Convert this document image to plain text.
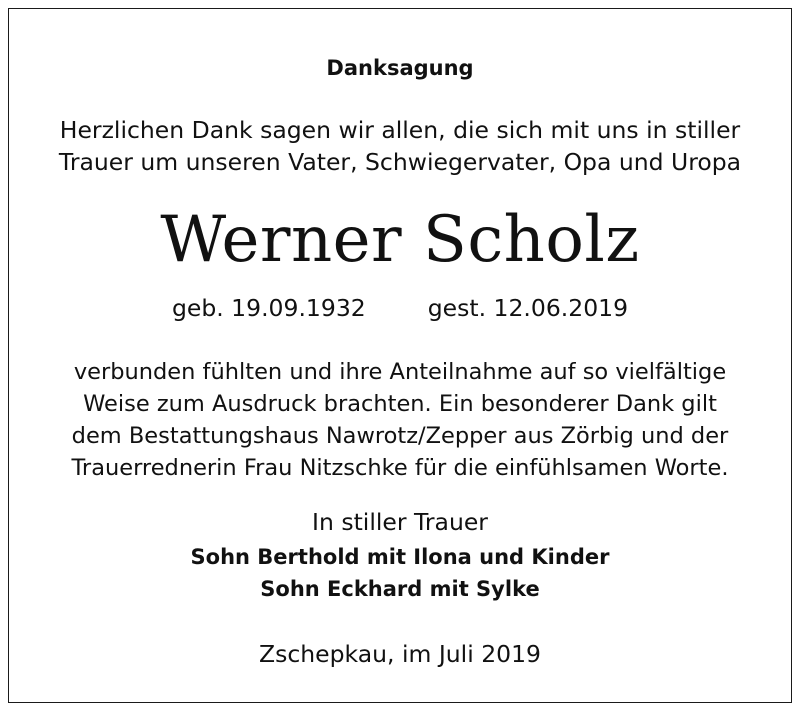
Danksagung

Herzlichen Dank sagen wir allen, die sich mit uns in stiller

Trauer um unseren Vater, Schwiegervater, Opa und Uropa

Werner Scholz

geb. 19.09.1932	gest. 12.06.2019

verbunden fühlten und ihre Anteilnahme auf so vielfältige

Weise zum Ausdruck brachten. Ein besonderer Dank gilt

dem Bestattungshaus Nawrotz/Zepper aus Zörbig und der

Trauerrednerin Frau Nitzschke für die einfühlsamen Worte.

In stiller Trauer

Sohn Berthold mit Ilona und Kinder

Sohn Eckhard mit Sylke

Zschepkau, im Juli 2019
